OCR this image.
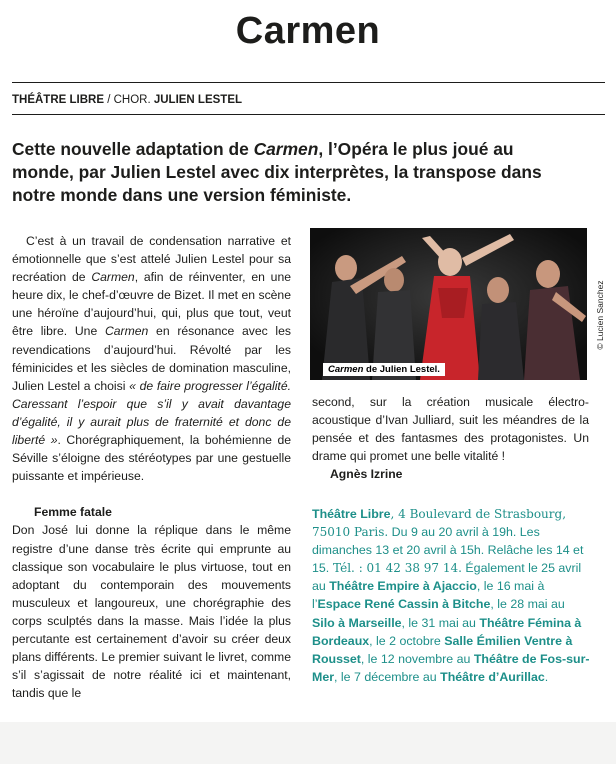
Carmen
THÉÂTRE LIBRE / CHOR. JULIEN LESTEL
Cette nouvelle adaptation de Carmen, l’Opéra le plus joué au monde, par Julien Lestel avec dix interprètes, la transpose dans notre monde dans une version féministe.

C’est à un travail de condensation narrative et émotionnelle que s’est attelé Julien Lestel pour sa recréation de Carmen, afin de réinventer, en une heure dix, le chef-d’œuvre de Bizet. Il met en scène une héroïne d’aujourd’hui, qui, plus que tout, veut être libre. Une Carmen en résonance avec les revendications d’aujourd’hui. Révolté par les féminicides et les siècles de domination masculine, Julien Lestel a choisi « de faire progresser l’égalité. Caressant l’espoir que s’il y avait davantage d’égalité, il y aurait plus de fraternité et donc de liberté ». Chorégraphiquement, la bohémienne de Séville s’éloigne des stéréotypes par une gestuelle puissante et impérieuse.

Femme fatale

Don José lui donne la réplique dans le même registre d’une danse très écrite qui emprunte au classique son vocabulaire le plus virtuose, tout en adoptant du contemporain des mouvements musculeux et langoureux, une chorégraphie des corps sculptés dans la masse. Mais l’idée la plus percutante est certainement d’avoir su créer deux plans différents. Le premier suivant le livret, comme s’il s’agissait de notre réalité ici et maintenant, tandis que le

Carmen de Julien Lestel.
© Lucien Sanchez

second, sur la création musicale électro-acoustique d’Ivan Julliard, suit les méandres de la pensée et des fantasmes des protagonistes. Un drame qui promet une belle vitalité !

Agnès Izrine

Théâtre Libre, 4 Boulevard de Strasbourg, 75010 Paris. Du 9 au 20 avril à 19h. Les dimanches 13 et 20 avril à 15h. Relâche les 14 et 15. Tél. : 01 42 38 97 14. Également le 25 avril au Théâtre Empire à Ajaccio, le 16 mai à l’Espace René Cassin à Bitche, le 28 mai au Silo à Marseille, le 31 mai au Théâtre Fémina à Bordeaux, le 2 octobre Salle Émilien Ventre à Rousset, le 12 novembre au Théâtre de Fos-sur-Mer, le 7 décembre au Théâtre d’Aurillac.
